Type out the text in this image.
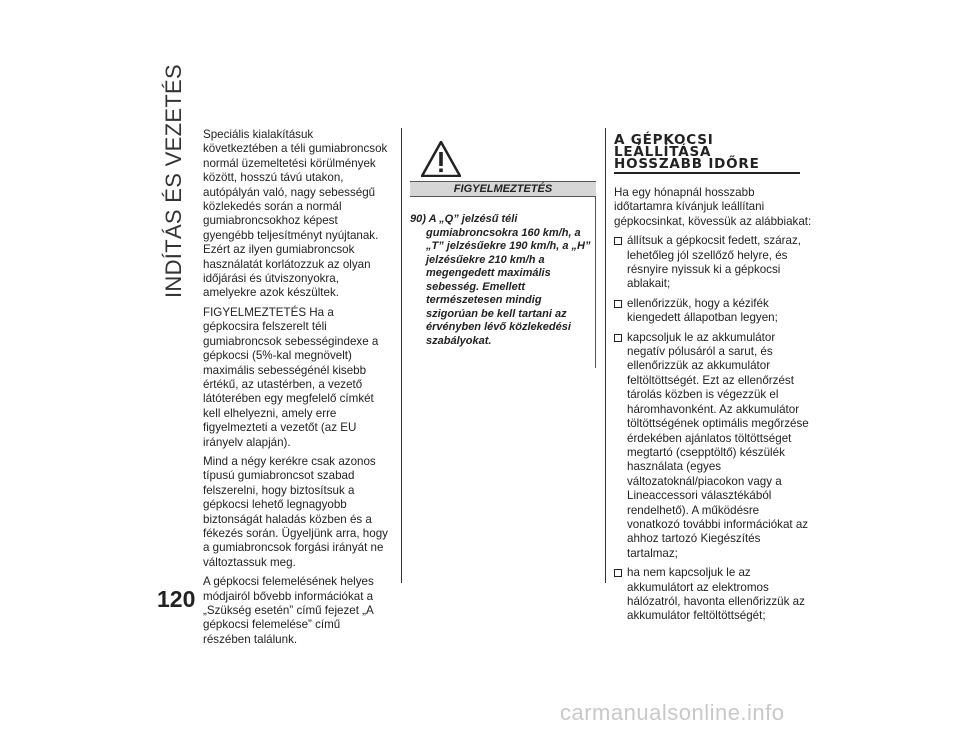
INDÍTÁS ÉS VEZETÉS
120

Speciális kialakításuk következtében a téli gumiabroncsok normál üzemeltetési körülmények között, hosszú távú utakon, autópályán való, nagy sebességű közlekedés során a normál gumiabroncsokhoz képest gyengébb teljesítményt nyújtanak. Ezért az ilyen gumiabroncsok használatát korlátozzuk az olyan időjárási és útviszonyokra, amelyekre azok készültek.

FIGYELMEZTETÉS Ha a gépkocsira felszerelt téli gumiabroncsok sebességindexe a gépkocsi (5%-kal megnövelt) maximális sebességénél kisebb értékű, az utastérben, a vezető látóterében egy megfelelő címkét kell elhelyezni, amely erre figyelmezteti a vezetőt (az EU irányelv alapján).

Mind a négy kerékre csak azonos típusú gumiabroncsot szabad felszerelni, hogy biztosítsuk a gépkocsi lehető legnagyobb biztonságát haladás közben és a fékezés során. Ügyeljünk arra, hogy a gumiabroncsok forgási irányát ne változtassuk meg.

A gépkocsi felemelésének helyes módjairól bővebb információkat a „Szükség esetén” című fejezet „A gépkocsi felemelése” című részében találunk.

FIGYELMEZTETÉS

90) A „Q” jelzésű téli gumiabroncsokra 160 km/h, a „T” jelzésűekre 190 km/h, a „H” jelzésűekre 210 km/h a megengedett maximális sebesség. Emellett természetesen mindig szigorúan be kell tartani az érvényben lévő közlekedési szabályokat.

A GÉPKOCSI
LEÁLLÍTÁSA
HOSSZABB IDŐRE

Ha egy hónapnál hosszabb időtartamra kívánjuk leállítani gépkocsinkat, kövessük az alábbiakat:

állítsuk a gépkocsit fedett, száraz, lehetőleg jól szellőző helyre, és résnyire nyissuk ki a gépkocsi ablakait;
ellenőrizzük, hogy a kézifék kiengedett állapotban legyen;
kapcsoljuk le az akkumulátor negatív pólusáról a sarut, és ellenőrizzük az akkumulátor feltöltöttségét. Ezt az ellenőrzést tárolás közben is végezzük el háromhavonként. Az akkumulátor töltöttségének optimális megőrzése érdekében ajánlatos töltöttséget megtartó (csepptöltő) készülék használata (egyes változatoknál/piacokon vagy a Lineaccessori választékából rendelhető). A működésre vonatkozó további információkat az ahhoz tartozó Kiegészítés tartalmaz;
ha nem kapcsoljuk le az akkumulátort az elektromos hálózatról, havonta ellenőrizzük az akkumulátor feltöltöttségét;
carmanualsonline.info
